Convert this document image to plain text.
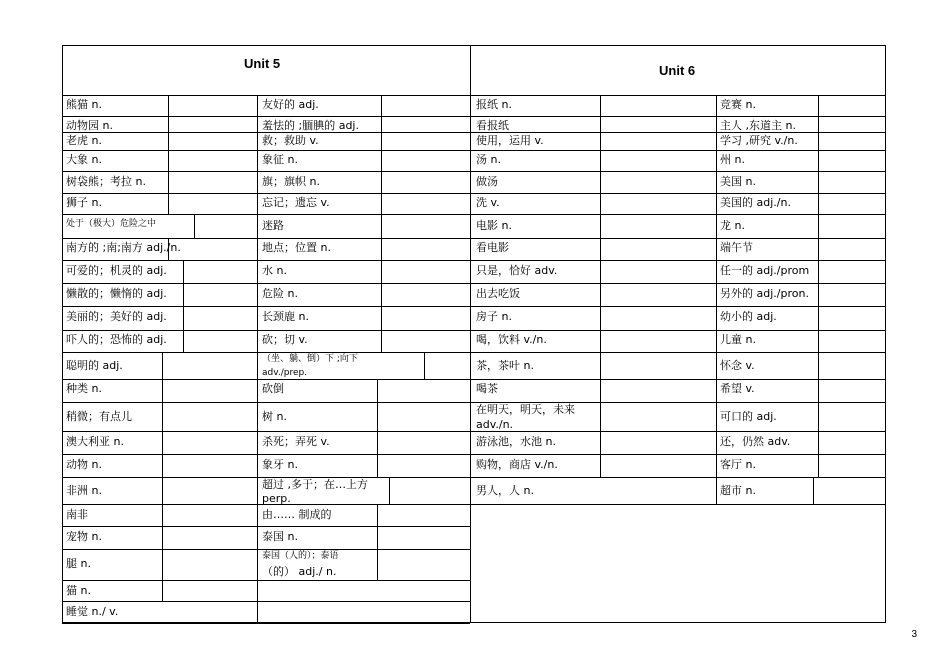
Unit 5	Unit 6
熊猫 n.
动物园 n.
老虎 n.
大象 n.
树袋熊；考拉 n.
狮子 n.
处于（极大）危险之中
南方的 ;南;南方 adj./n.
可爱的；机灵的 adj.
懒散的；懒惰的 adj.
美丽的；美好的 adj.
吓人的；恐怖的 adj.
聪明的 adj.
种类 n.
稍微；有点儿
澳大利亚 n.
动物 n.
非洲 n.
南非
宠物 n.
腿 n.
猫 n.
睡觉 n./ v.
友好的 adj.
羞怯的 ;腼腆的 adj.
救；救助 v.
象征 n.
旗；旗帜 n.
忘记；遗忘 v.
迷路
地点；位置 n.
水 n.
危险 n.
长颈鹿 n.
砍；切 v.
（坐、躺、倒）下 ;向下
adv./prep.
砍倒
树 n.
杀死；弄死 v.
象牙 n.
超过 ,多于；在…上方
perp.
由…… 制成的
泰国 n.
泰国（人的）；泰语
（的） adj./ n.
报纸 n.
看报纸
使用，运用 v.
汤 n.
做汤
洗 v.
电影 n.
看电影
只是，恰好 adv.
出去吃饭
房子 n.
喝，饮料 v./n.
茶，茶叶 n.
喝茶
在明天，明天，未来
adv./n.
游泳池，水池 n.
购物，商店 v./n.
男人，人 n.
竞赛 n.
主人 ,东道主 n.
学习 ,研究 v./n.
州 n.
美国 n.
美国的 adj./n.
龙 n.
端午节
任一的 adj./prom
另外的 adj./pron.
幼小的 adj.
儿童 n.
怀念 v.
希望 v.
可口的 adj.
还，仍然 adv.
客厅 n.
超市 n.
3
